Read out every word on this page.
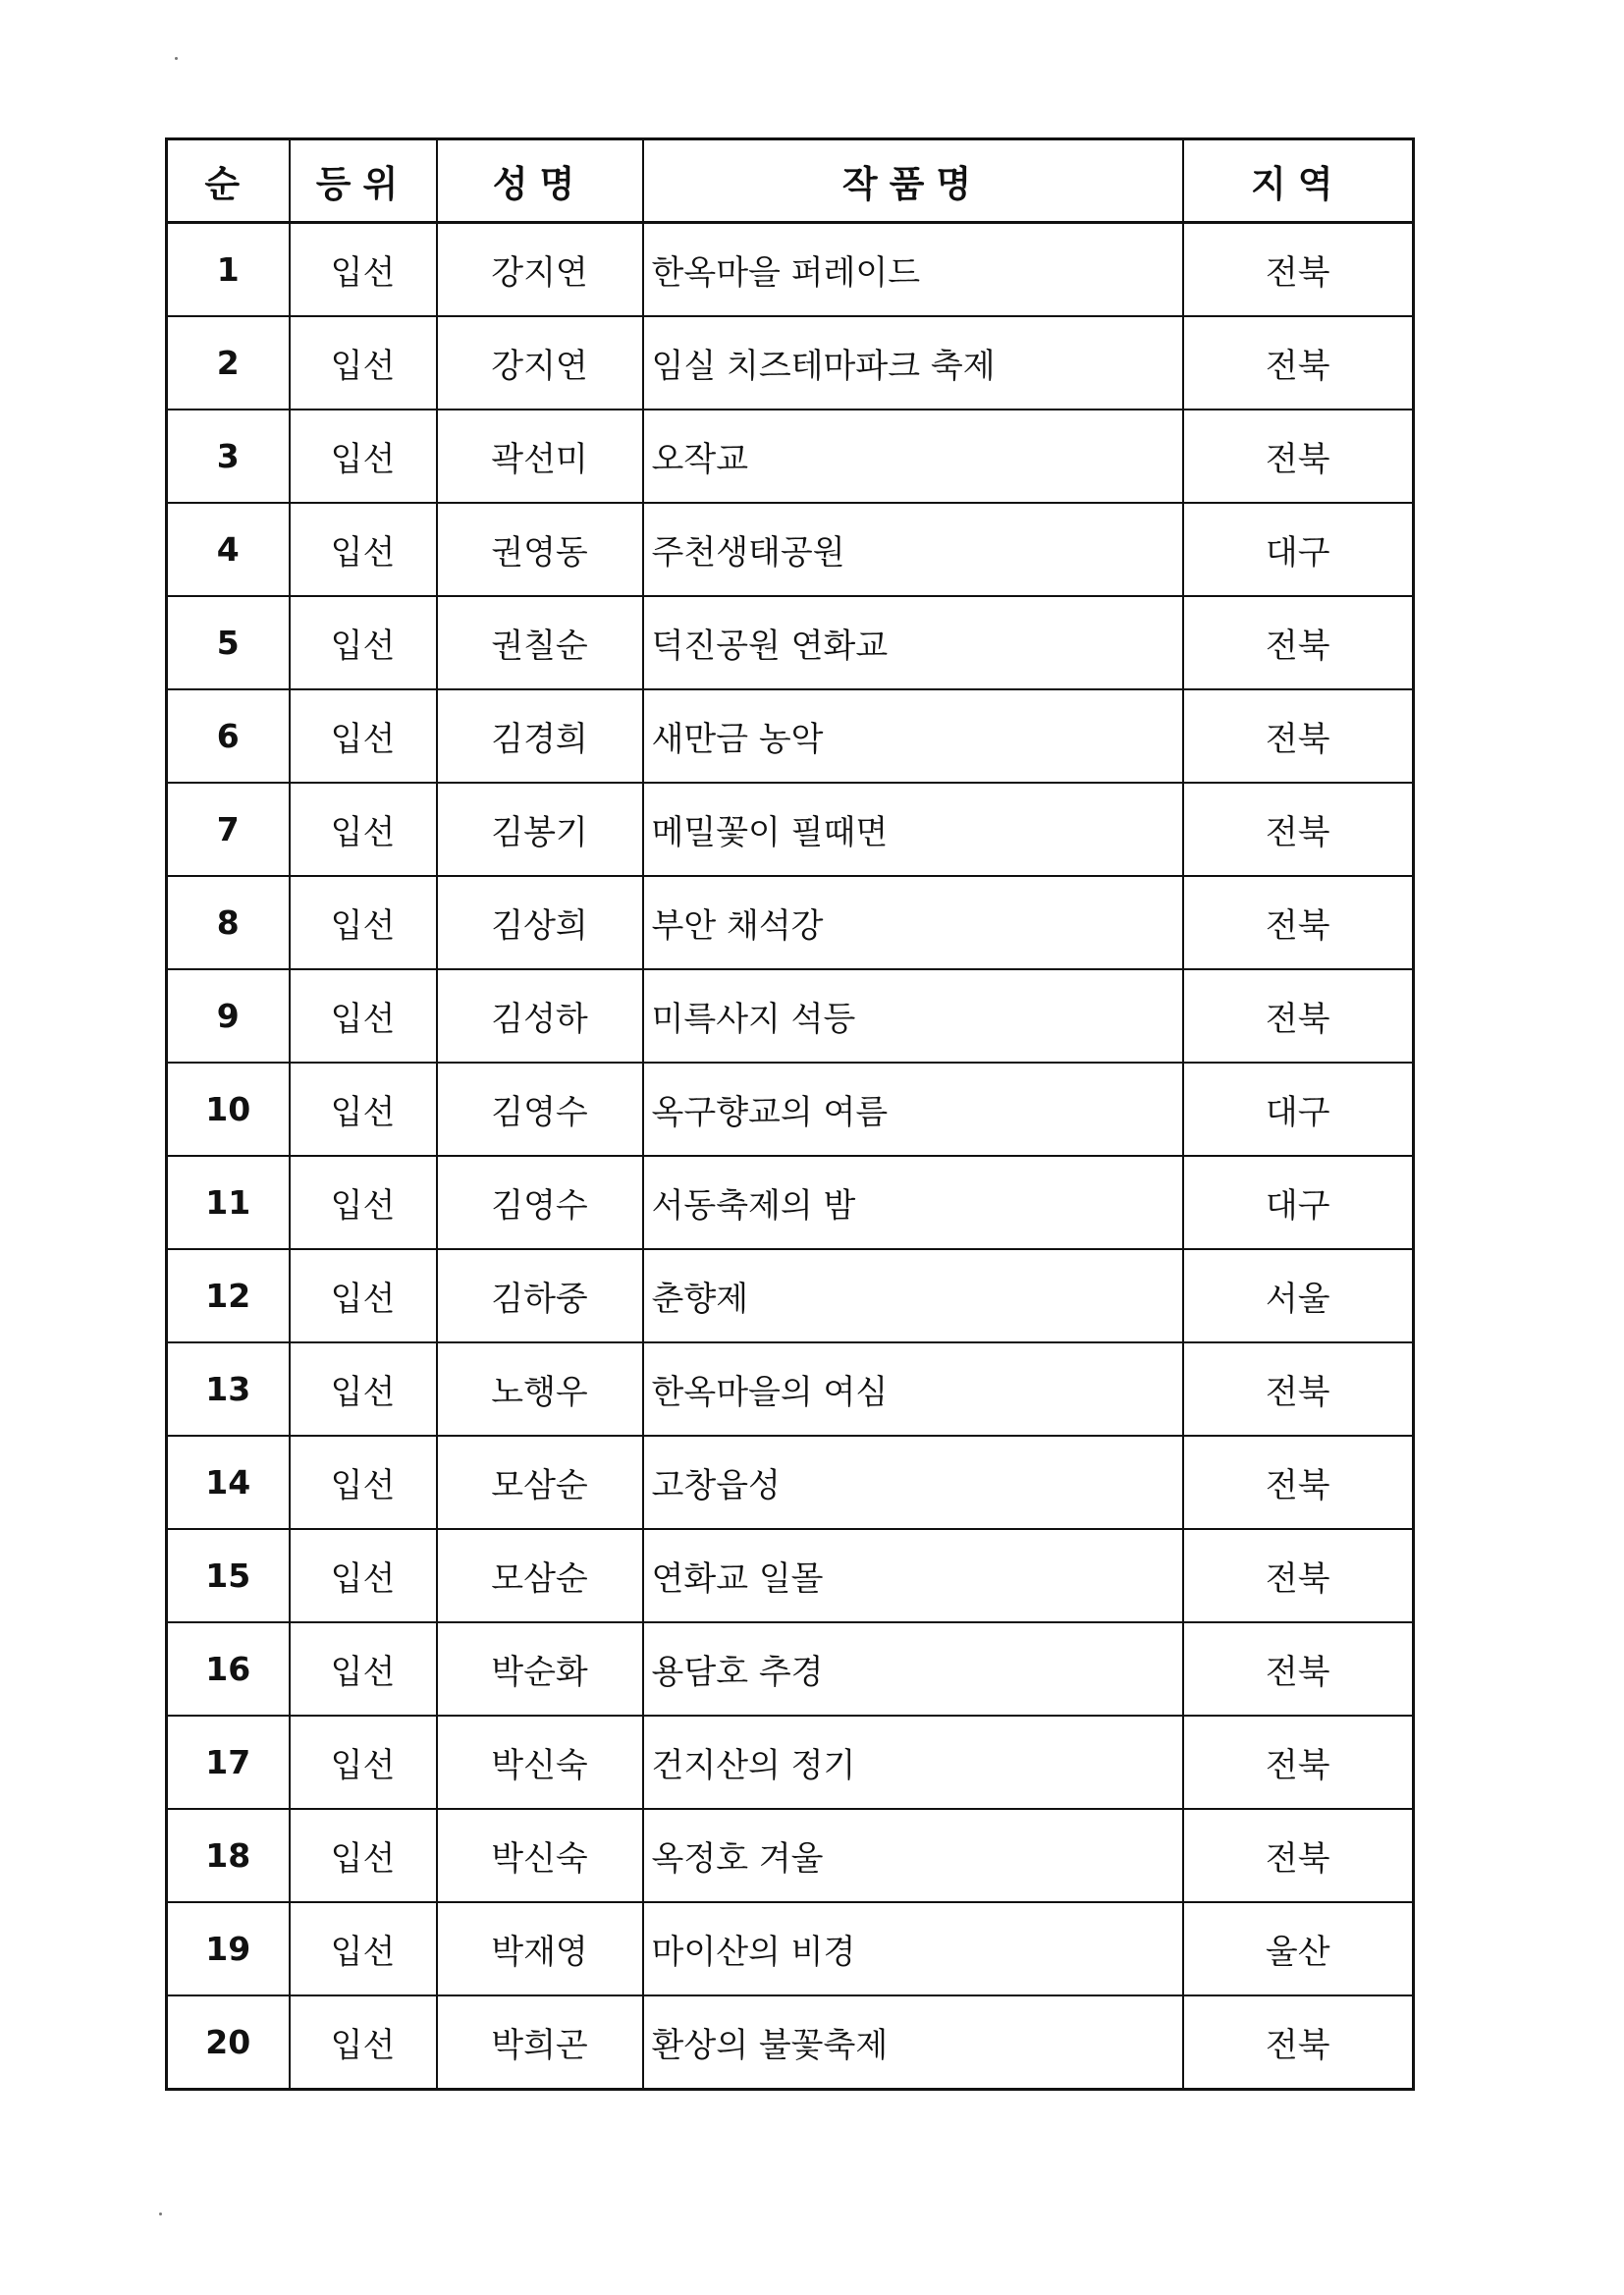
순	등위	성명	작품명	지역
1	입선	강지연	한옥마을 퍼레이드	전북
2	입선	강지연	임실 치즈테마파크 축제	전북
3	입선	곽선미	오작교	전북
4	입선	권영동	주천생태공원	대구
5	입선	권칠순	덕진공원 연화교	전북
6	입선	김경희	새만금 농악	전북
7	입선	김봉기	메밀꽃이 필때면	전북
8	입선	김상희	부안 채석강	전북
9	입선	김성하	미륵사지 석등	전북
10	입선	김영수	옥구향교의 여름	대구
11	입선	김영수	서동축제의 밤	대구
12	입선	김하중	춘향제	서울
13	입선	노행우	한옥마을의 여심	전북
14	입선	모삼순	고창읍성	전북
15	입선	모삼순	연화교 일몰	전북
16	입선	박순화	용담호 추경	전북
17	입선	박신숙	건지산의 정기	전북
18	입선	박신숙	옥정호 겨울	전북
19	입선	박재영	마이산의 비경	울산
20	입선	박희곤	환상의 불꽃축제	전북
